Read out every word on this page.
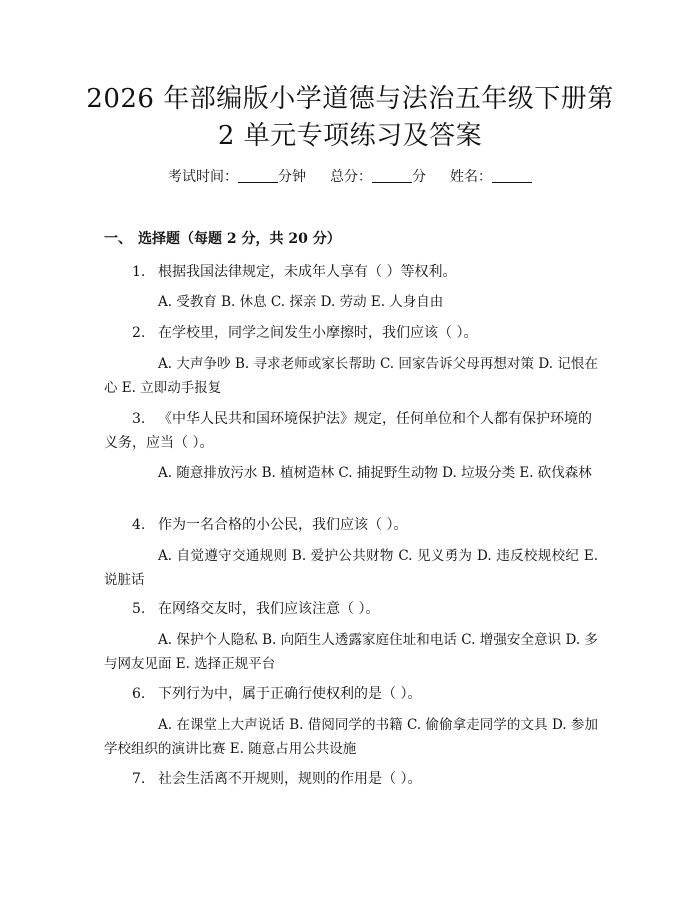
2026 年部编版小学道德与法治五年级下册第
2 单元专项练习及答案
考试时间：	分钟 总分：	分 姓名：
一、 选择题（每题 2 分，共 20 分）

1. 根据我国法律规定，未成年人享有（ ）等权利。

A. 受教育 B. 休息 C. 探亲 D. 劳动 E. 人身自由

2. 在学校里，同学之间发生小摩擦时，我们应该（ ）。

A. 大声争吵 B. 寻求老师或家长帮助 C. 回家告诉父母再想对策 D. 记恨在心 E. 立即动手报复

3. 《中华人民共和国环境保护法》规定，任何单位和个人都有保护环境的义务，应当（ ）。

A. 随意排放污水 B. 植树造林 C. 捕捉野生动物 D. 垃圾分类 E. 砍伐森林

4. 作为一名合格的小公民，我们应该（ ）。

A. 自觉遵守交通规则 B. 爱护公共财物 C. 见义勇为 D. 违反校规校纪 E. 说脏话

5. 在网络交友时，我们应该注意（ ）。

A. 保护个人隐私 B. 向陌生人透露家庭住址和电话 C. 增强安全意识 D. 多与网友见面 E. 选择正规平台

6. 下列行为中，属于正确行使权利的是（ ）。

A. 在课堂上大声说话 B. 借阅同学的书籍 C. 偷偷拿走同学的文具 D. 参加学校组织的演讲比赛 E. 随意占用公共设施

7. 社会生活离不开规则，规则的作用是（ ）。
